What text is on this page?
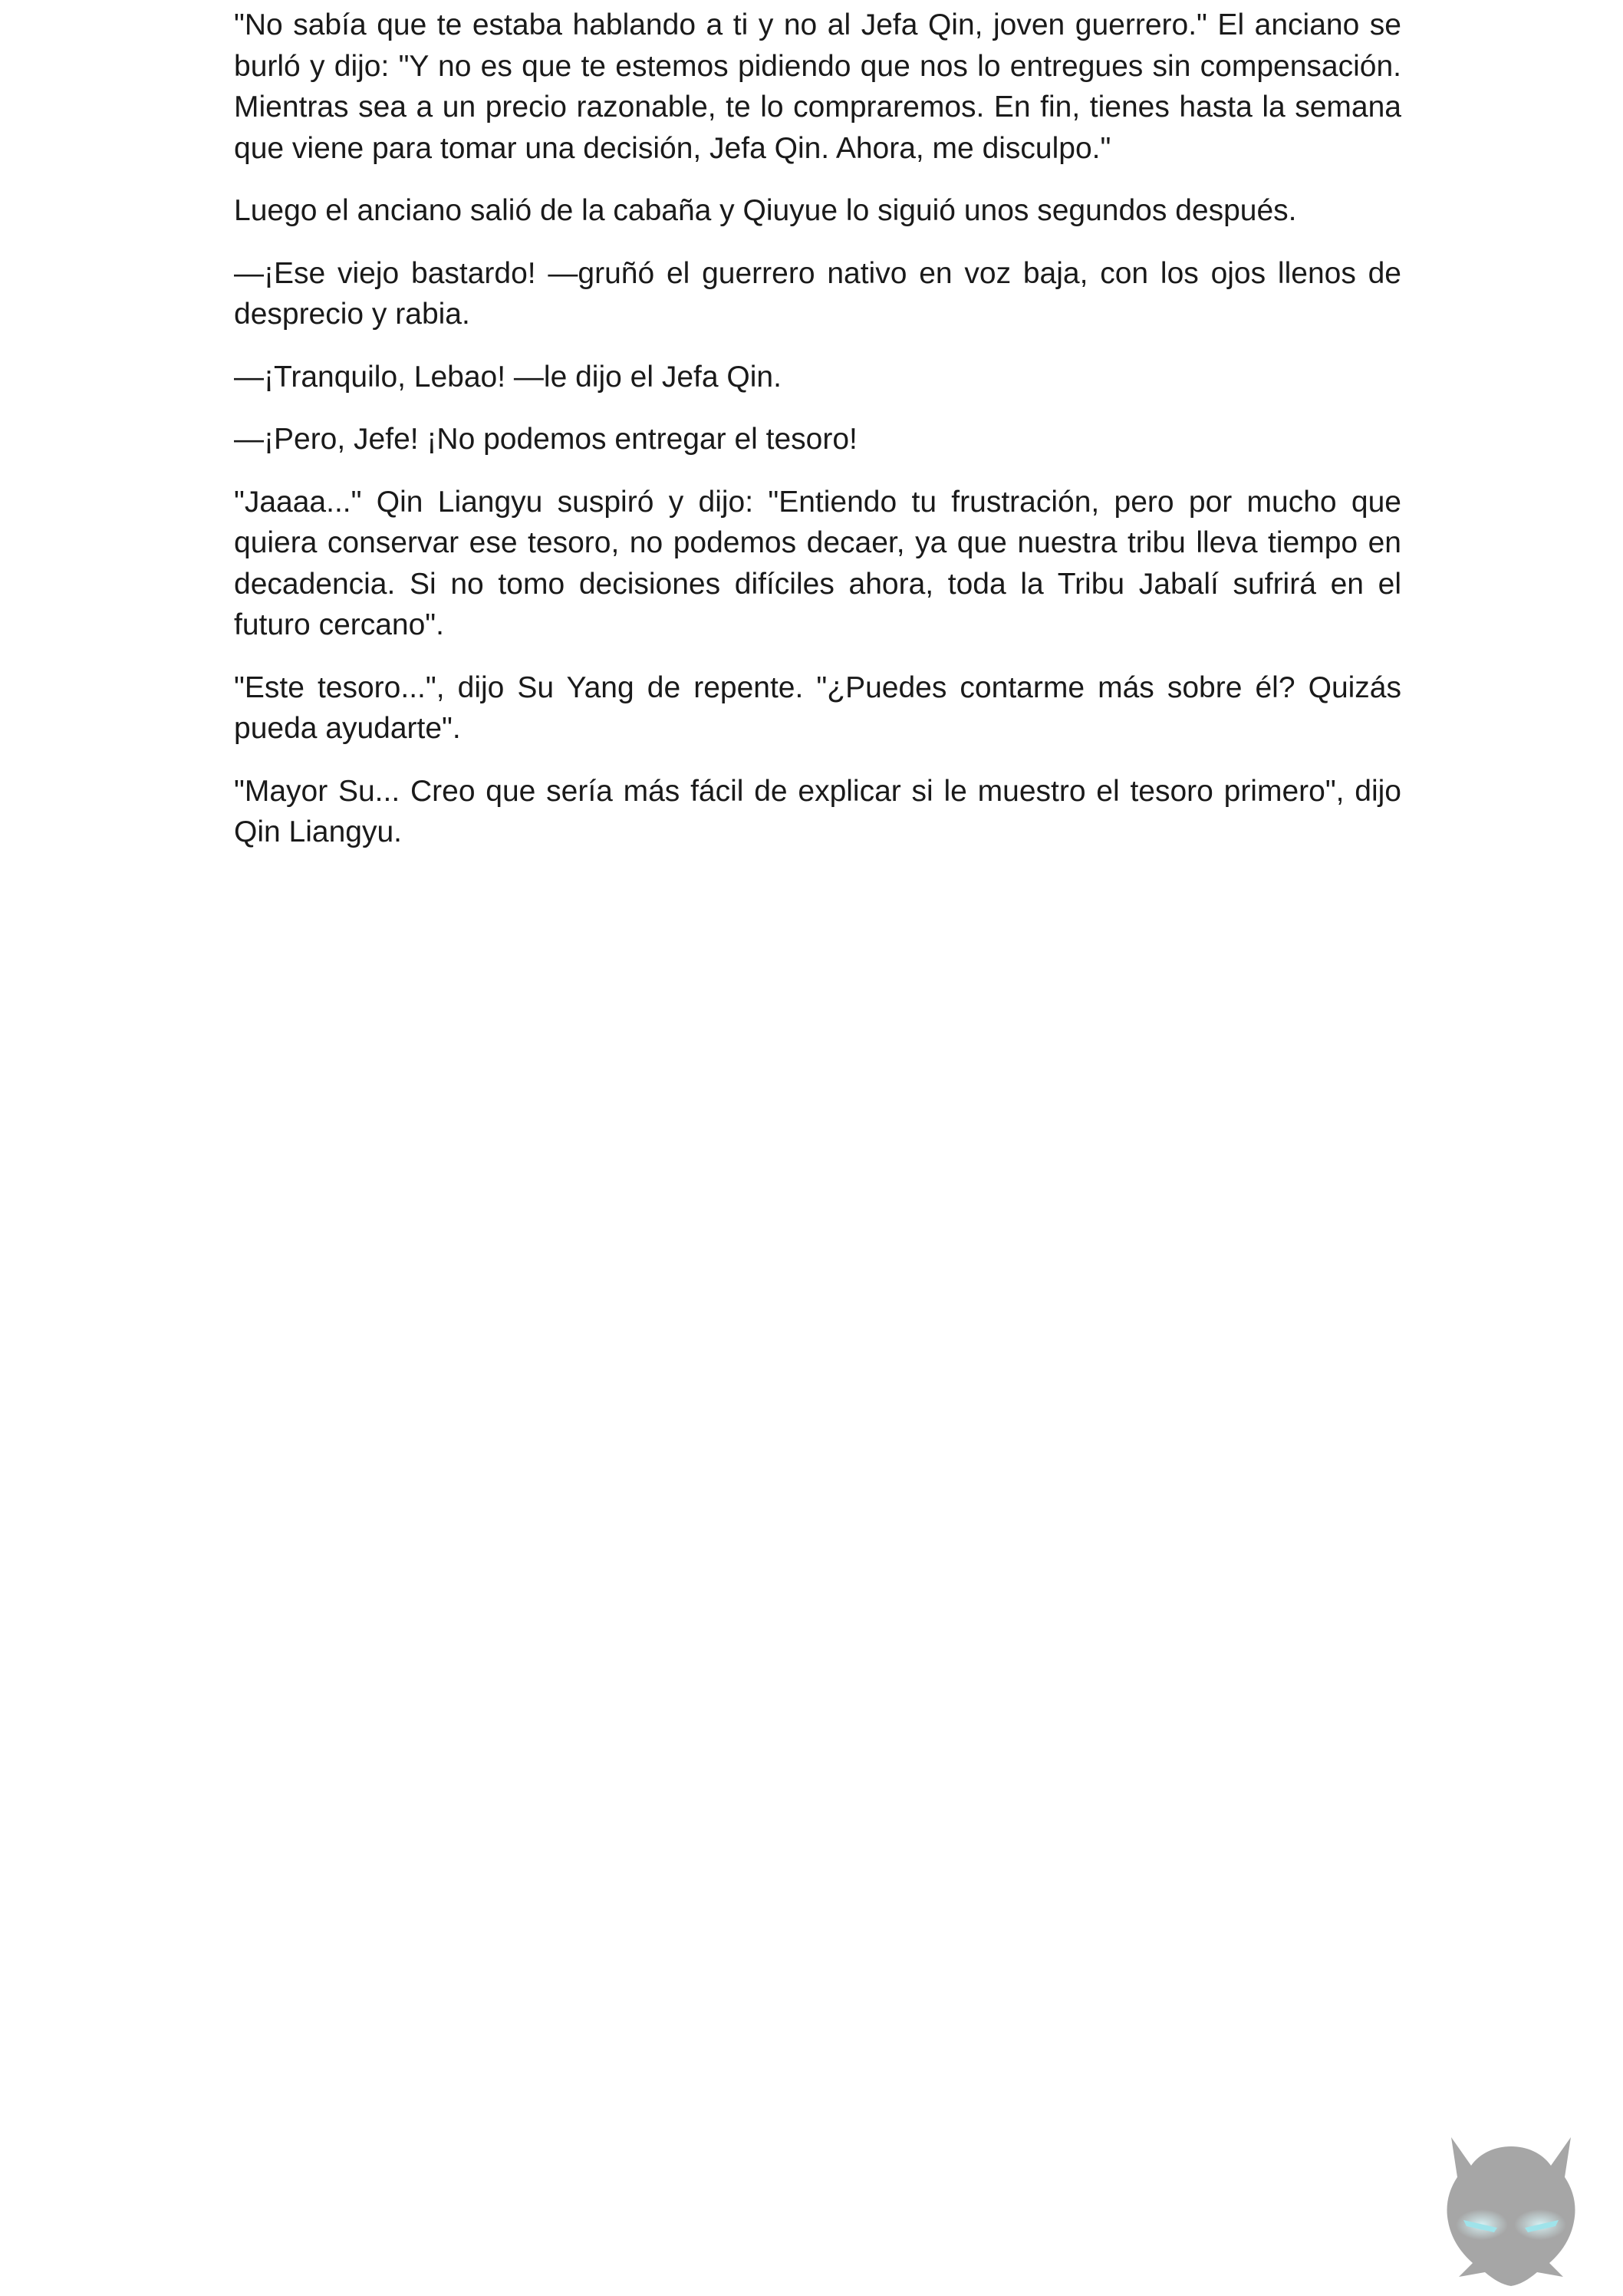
"No sabía que te estaba hablando a ti y no al Jefa Qin, joven guerrero." El anciano se burló y dijo: "Y no es que te estemos pidiendo que nos lo entregues sin compensación. Mientras sea a un precio razonable, te lo compraremos. En fin, tienes hasta la semana que viene para tomar una decisión, Jefa Qin. Ahora, me disculpo."

Luego el anciano salió de la cabaña y Qiuyue lo siguió unos segundos después.

—¡Ese viejo bastardo! —gruñó el guerrero nativo en voz baja, con los ojos llenos de desprecio y rabia.

—¡Tranquilo, Lebao! —le dijo el Jefa Qin.

—¡Pero, Jefe! ¡No podemos entregar el tesoro!

"Jaaaa..." Qin Liangyu suspiró y dijo: "Entiendo tu frustración, pero por mucho que quiera conservar ese tesoro, no podemos decaer, ya que nuestra tribu lleva tiempo en decadencia. Si no tomo decisiones difíciles ahora, toda la Tribu Jabalí sufrirá en el futuro cercano".

"Este tesoro...", dijo Su Yang de repente. "¿Puedes contarme más sobre él? Quizás pueda ayudarte".

"Mayor Su... Creo que sería más fácil de explicar si le muestro el tesoro primero", dijo Qin Liangyu.
